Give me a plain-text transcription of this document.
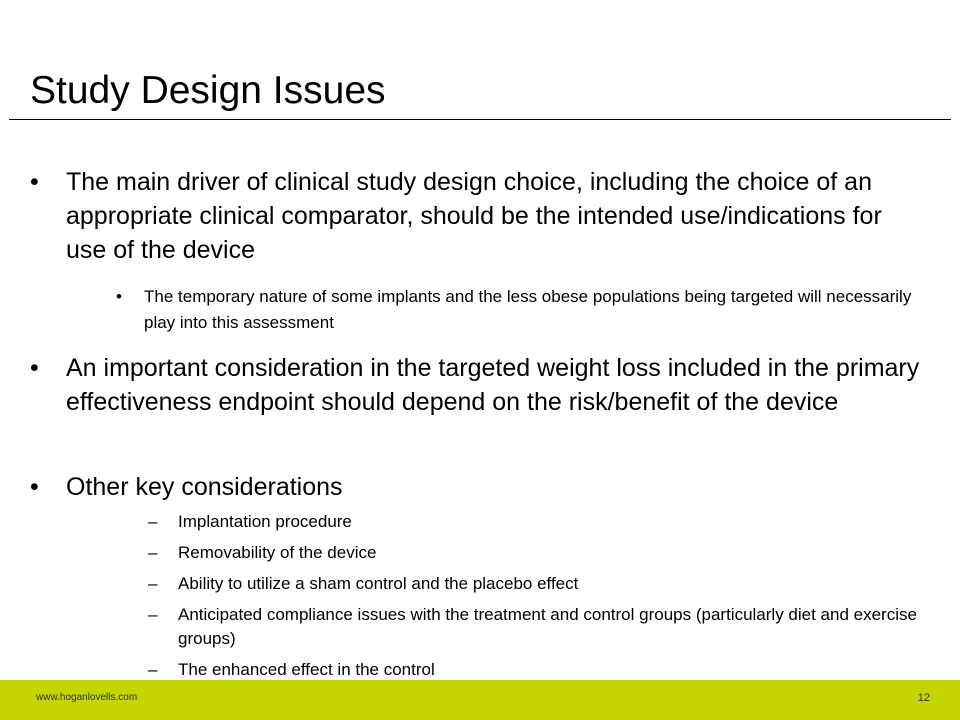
Study Design Issues
• The main driver of clinical study design choice, including the choice of an appropriate clinical comparator, should be the intended use/indications for use of the device
• The temporary nature of some implants and the less obese populations being targeted will necessarily play into this assessment
• An important consideration in the targeted weight loss included in the primary effectiveness endpoint should depend on the risk/benefit of the device
• Other key considerations
– Implantation procedure
– Removability of the device
– Ability to utilize a sham control and the placebo effect
– Anticipated compliance issues with the treatment and control groups (particularly diet and exercise groups)
– The enhanced effect in the control
www.hoganlovells.com	12
